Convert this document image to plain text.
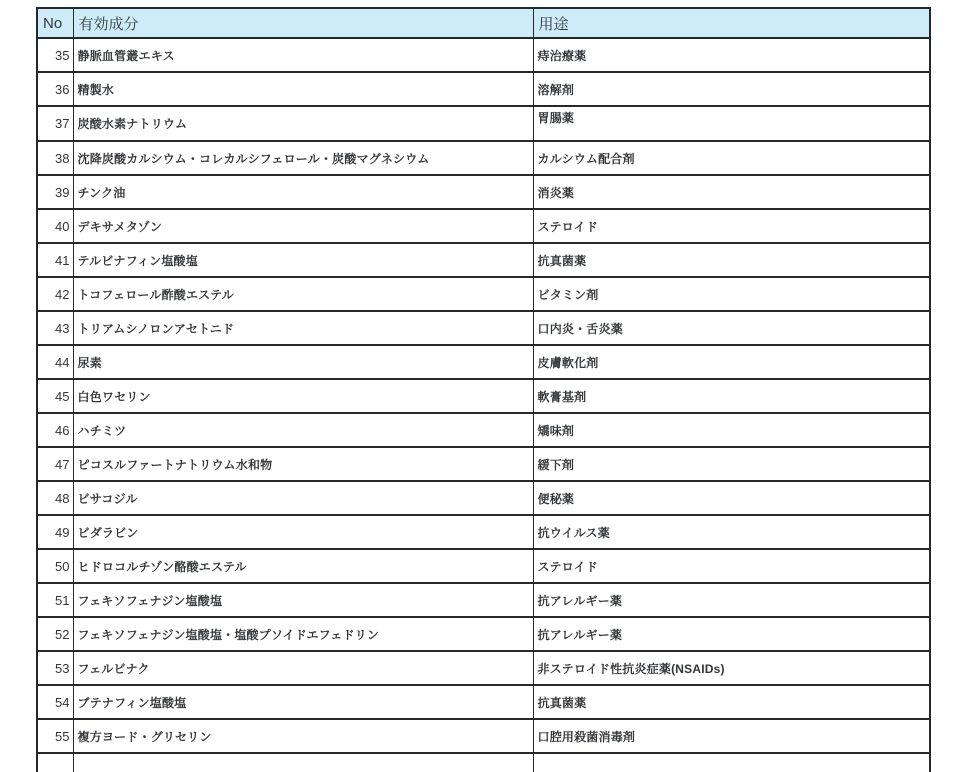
No	有効成分	用途
35	静脈血管叢エキス	痔治療薬
36	精製水	溶解剤
37	炭酸水素ナトリウム	胃腸薬
38	沈降炭酸カルシウム・コレカルシフェロール・炭酸マグネシウム	カルシウム配合剤
39	チンク油	消炎薬
40	デキサメタゾン	ステロイド
41	テルビナフィン塩酸塩	抗真菌薬
42	トコフェロール酢酸エステル	ビタミン剤
43	トリアムシノロンアセトニド	口内炎・舌炎薬
44	尿素	皮膚軟化剤
45	白色ワセリン	軟膏基剤
46	ハチミツ	矯味剤
47	ピコスルファートナトリウム水和物	緩下剤
48	ビサコジル	便秘薬
49	ビダラビン	抗ウイルス薬
50	ヒドロコルチゾン酪酸エステル	ステロイド
51	フェキソフェナジン塩酸塩	抗アレルギー薬
52	フェキソフェナジン塩酸塩・塩酸プソイドエフェドリン	抗アレルギー薬
53	フェルビナク	非ステロイド性抗炎症薬(NSAIDs)
54	ブテナフィン塩酸塩	抗真菌薬
55	複方ヨード・グリセリン	口腔用殺菌消毒剤
